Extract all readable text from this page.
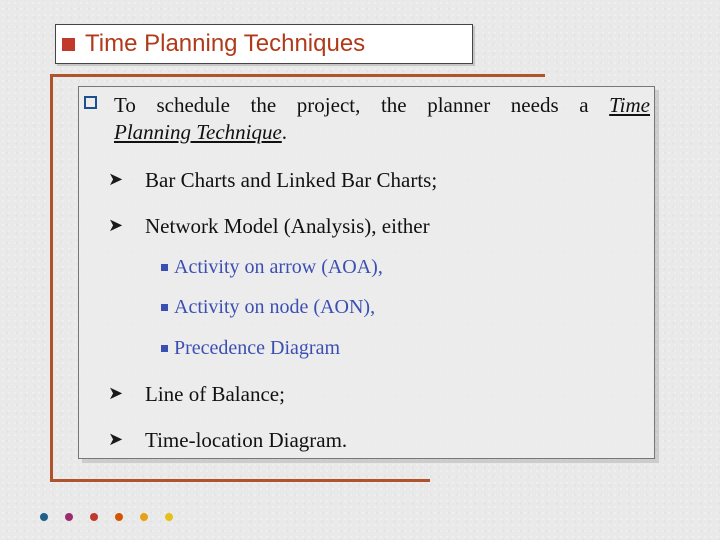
Time Planning Techniques
To schedule the project, the planner needs a Time
Planning Technique.
➤ Bar Charts and Linked Bar Charts;
➤ Network Model (Analysis), either
Activity on arrow (AOA),
Activity on node (AON),
Precedence Diagram
➤ Line of Balance;
➤ Time-location Diagram.
